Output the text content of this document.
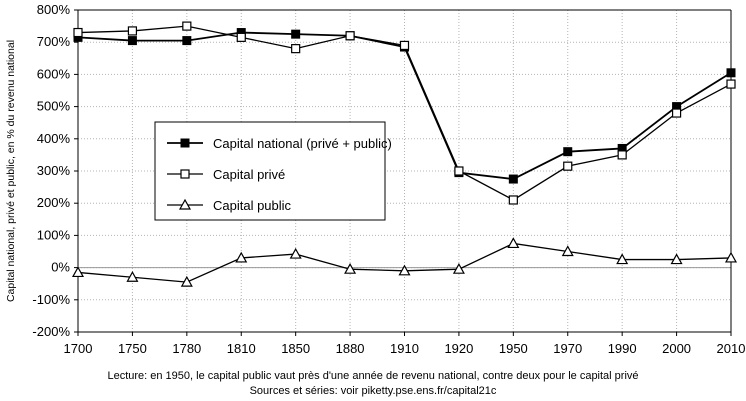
-200%
-100%
0%
100%
200%
300%
400%
500%
600%
700%
800%
1700 1750 1780 1810 1850 1880 1910 1920 1950 1970 1990 2000 2010
Capital national, privé et public, en % du revenu national	Capital national (privé + public)
Capital privé
Capital public
Lecture: en 1950, le capital public vaut près d'une année de revenu national, contre deux pour le capital privé
Sources et séries: voir piketty.pse.ens.fr/capital21c
